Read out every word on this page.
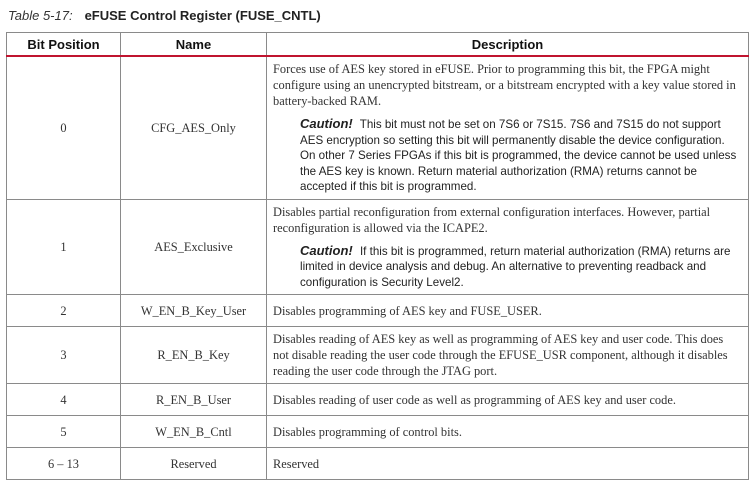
Table 5-17: eFUSE Control Register (FUSE_CNTL)
Bit Position	Name	Description
0	CFG_AES_Only	Forces use of AES key stored in eFUSE. Prior to programming this bit, the FPGA might configure using an unencrypted bitstream, or a bitstream encrypted with a key value stored in battery-backed RAM.

Caution! This bit must not be set on 7S6 or 7S15. 7S6 and 7S15 do not support AES encryption so setting this bit will permanently disable the device configuration. On other 7 Series FPGAs if this bit is programmed, the device cannot be used unless the AES key is known. Return material authorization (RMA) returns cannot be accepted if this bit is programmed.

1	AES_Exclusive	Disables partial reconfiguration from external configuration interfaces. However, partial reconfiguration is allowed via the ICAPE2.

Caution! If this bit is programmed, return material authorization (RMA) returns are limited in device analysis and debug. An alternative to preventing readback and configuration is Security Level2.

2	W_EN_B_Key_User	Disables programming of AES key and FUSE_USER.
3	R_EN_B_Key	Disables reading of AES key as well as programming of AES key and user code. This does not disable reading the user code through the EFUSE_USR component, although it disables reading the user code through the JTAG port.
4	R_EN_B_User	Disables reading of user code as well as programming of AES key and user code.
5	W_EN_B_Cntl	Disables programming of control bits.
6 – 13	Reserved	Reserved
